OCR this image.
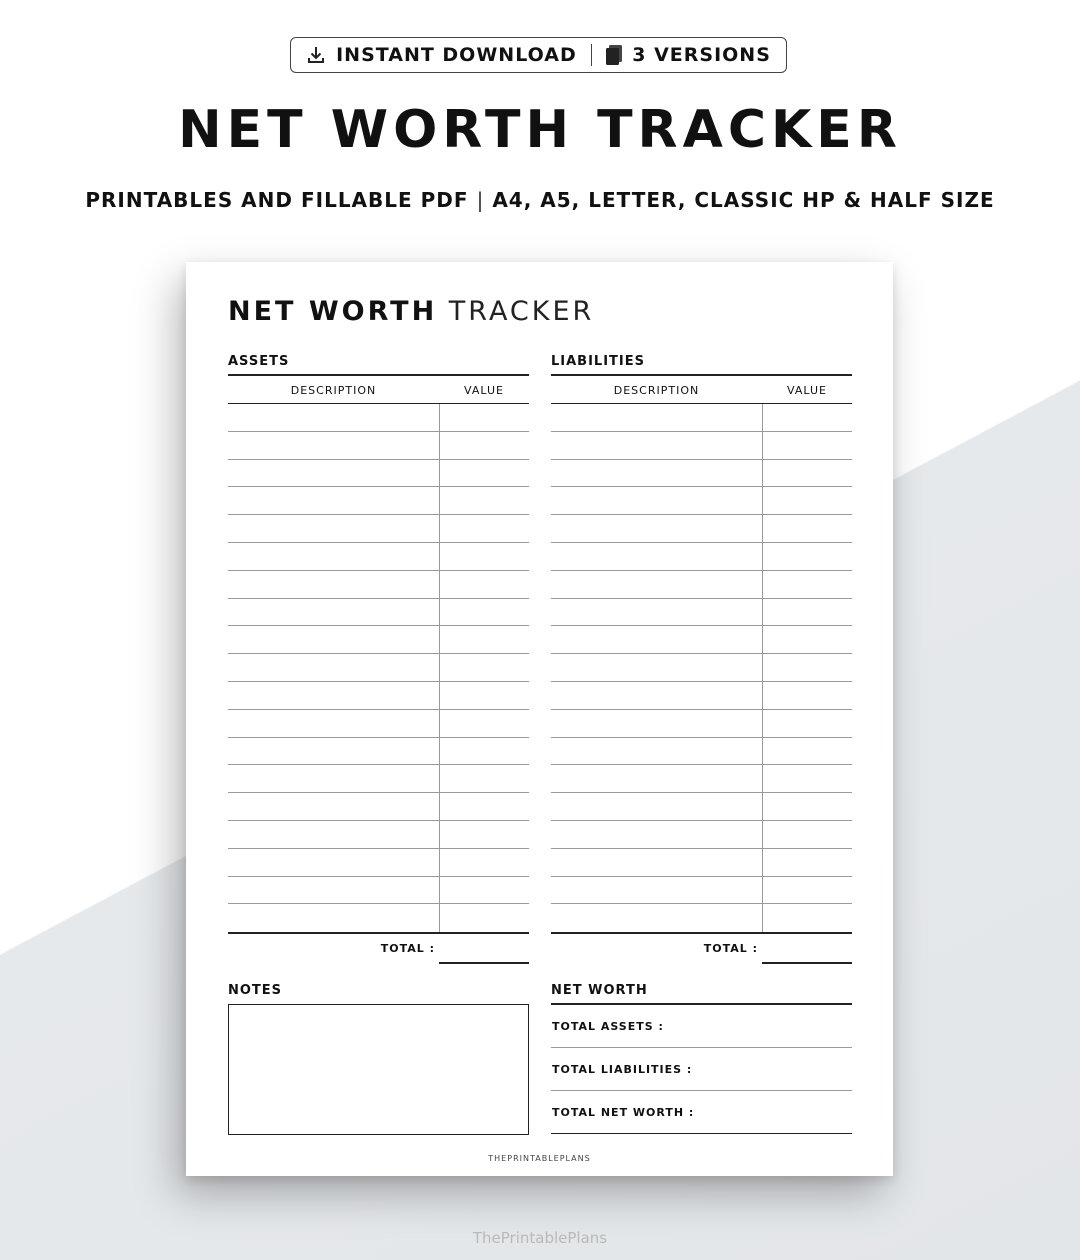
INSTANT DOWNLOAD	3 VERSIONS
NET WORTH TRACKER
PRINTABLES AND FILLABLE PDF | A4, A5, LETTER, CLASSIC HP & HALF SIZE
NET WORTH TRACKER
ASSETS
DESCRIPTION	VALUE
TOTAL :
LIABILITIES
DESCRIPTION	VALUE
TOTAL :
NOTES	NET WORTH
TOTAL ASSETS :
TOTAL LIABILITIES :
TOTAL NET WORTH :
THEPRINTABLEPLANS
ThePrintablePlans
